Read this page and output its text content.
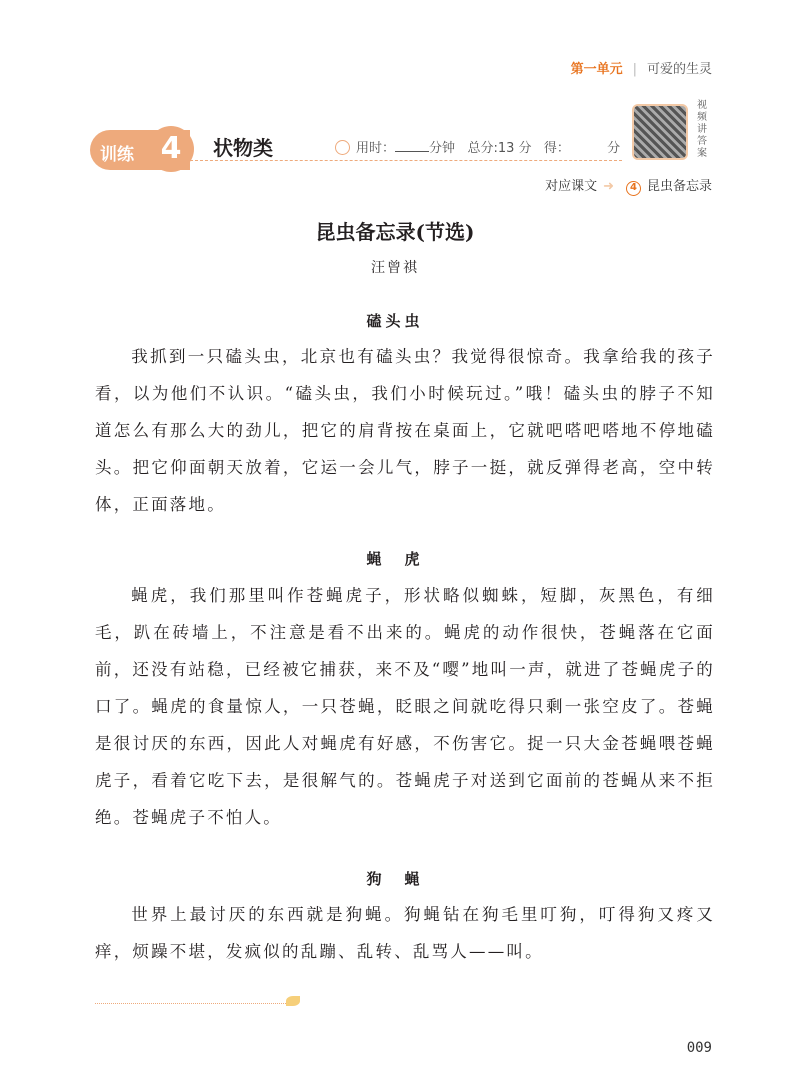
第一单元 | 可爱的生灵
训练 4	状物类	用时：	分钟 总分:13 分 得：	分
视频讲答案
对应课文 ➜ 4 昆虫备忘录
昆虫备忘录(节选)
汪曾祺
磕头虫
我抓到一只磕头虫，北京也有磕头虫？我觉得很惊奇。我拿给我的孩子看，以为他们不认识。“磕头虫，我们小时候玩过。”哦！磕头虫的脖子不知道怎么有那么大的劲儿，把它的肩背按在桌面上，它就吧嗒吧嗒地不停地磕头。把它仰面朝天放着，它运一会儿气，脖子一挺，就反弹得老高，空中转体，正面落地。
蝇　虎
蝇虎，我们那里叫作苍蝇虎子，形状略似蜘蛛，短脚，灰黑色，有细毛，趴在砖墙上，不注意是看不出来的。蝇虎的动作很快，苍蝇落在它面前，还没有站稳，已经被它捕获，来不及“嘤”地叫一声，就进了苍蝇虎子的口了。蝇虎的食量惊人，一只苍蝇，眨眼之间就吃得只剩一张空皮了。苍蝇是很讨厌的东西，因此人对蝇虎有好感，不伤害它。捉一只大金苍蝇喂苍蝇虎子，看着它吃下去，是很解气的。苍蝇虎子对送到它面前的苍蝇从来不拒绝。苍蝇虎子不怕人。
狗　蝇
世界上最讨厌的东西就是狗蝇。狗蝇钻在狗毛里叮狗，叮得狗又疼又痒，烦躁不堪，发疯似的乱蹦、乱转、乱骂人——叫。
009
